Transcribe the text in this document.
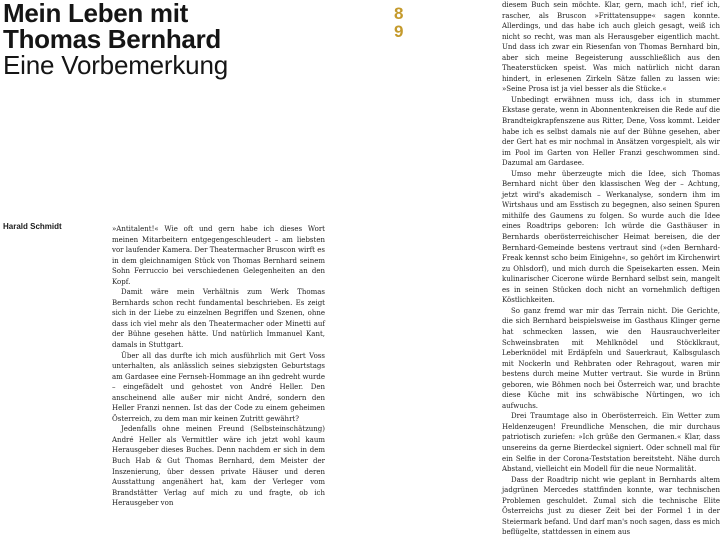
Mein Leben mit
Thomas Bernhard
Eine Vorbemerkung
8
9
Harald Schmidt	»Antitalent!« Wie oft und gern habe ich dieses Wort meinen Mitarbeitern entgegengeschleudert – am liebsten vor laufender Kamera. Der Theatermacher Bruscon wirft es in dem gleichnamigen Stück von Thomas Bernhard seinem Sohn Ferruccio bei verschiedenen Gelegenheiten an den Kopf.

Damit wäre mein Verhältnis zum Werk Thomas Bernhards schon recht fundamental beschrieben. Es zeigt sich in der Liebe zu einzelnen Begriffen und Szenen, ohne dass ich viel mehr als den Theatermacher oder Minetti auf der Bühne gesehen hätte. Und natürlich Immanuel Kant, damals in Stuttgart.

Über all das durfte ich mich ausführlich mit Gert Voss unterhalten, als anlässlich seines siebzigsten Geburtstags am Gardasee eine Fernseh-Hommage an ihn gedreht wurde – eingefädelt und gehostet von André Heller. Den anscheinend alle außer mir nicht André, sondern den Heller Franzi nennen. Ist das der Code zu einem geheimen Österreich, zu dem man mir keinen Zutritt gewährt?

Jedenfalls ohne meinen Freund (Selbsteinschätzung) André Heller als Vermittler wäre ich jetzt wohl kaum Herausgeber dieses Buches. Denn nachdem er sich in dem Buch Hab & Gut Thomas Bernhard, dem Meister der Inszenierung, über dessen private Häuser und deren Ausstattung angenähert hat, kam der Verleger vom Brandstätter Verlag auf mich zu und fragte, ob ich Herausgeber von

diesem Buch sein möchte. Klar, gern, mach ich!, rief ich, rascher, als Bruscon »Frittatensuppe« sagen konnte. Allerdings, und das habe ich auch gleich gesagt, weiß ich nicht so recht, was man als Herausgeber eigentlich macht. Und dass ich zwar ein Riesenfan von Thomas Bernhard bin, aber sich meine Begeisterung ausschließlich aus den Theaterstücken speist. Was mich natürlich nicht daran hindert, in erlesenen Zirkeln Sätze fallen zu lassen wie: »Seine Prosa ist ja viel besser als die Stücke.«

Unbedingt erwähnen muss ich, dass ich in stummer Ekstase gerate, wenn in Abonnentenkreisen die Rede auf die Brandteigkrapfenszene aus Ritter, Dene, Voss kommt. Leider habe ich es selbst damals nie auf der Bühne gesehen, aber der Gert hat es mir nochmal in Ansätzen vorgespielt, als wir im Pool im Garten von Heller Franzi geschwommen sind. Dazumal am Gardasee.

Umso mehr überzeugte mich die Idee, sich Thomas Bernhard nicht über den klassischen Weg der – Achtung, jetzt wird's akademisch – Werkanalyse, sondern ihm im Wirtshaus und am Esstisch zu begegnen, also seinen Spuren mithilfe des Gaumens zu folgen. So wurde auch die Idee eines Roadtrips geboren: Ich würde die Gasthäuser in Bernhards oberösterreichischer Heimat bereisen, die der Bernhard-Gemeinde bestens vertraut sind (»den Bernhard-Freak kennst scho beim Einigehn«, so gehört im Kirchenwirt zu Ohlsdorf), und mich durch die Speisekarten essen. Mein kulinarischer Cicerone würde Bernhard selbst sein, mangelt es in seinen Stücken doch nicht an vornehmlich deftigen Köstlichkeiten.

So ganz fremd war mir das Terrain nicht. Die Gerichte, die sich Bernhard beispielsweise im Gasthaus Klinger gerne hat schmecken lassen, wie den Hausrauchverleiter Schweinsbraten mit Mehlknödel und Stöcklkraut, Leberknödel mit Erdäpfeln und Sauerkraut, Kalbsgulasch mit Nockerln und Rehbraten oder Rehragout, waren mir bestens durch meine Mutter vertraut. Sie wurde in Brünn geboren, wie Böhmen noch bei Österreich war, und brachte diese Küche mit ins schwäbische Nürtingen, wo ich aufwuchs.

Drei Traumtage also in Oberösterreich. Ein Wetter zum Heldenzeugen! Freundliche Menschen, die mir durchaus patriotisch zuriefen: »Ich grüße den Germanen.« Klar, dass unsereins da gerne Bierdeckel signiert. Oder schnell mal für ein Selfie in der Corona-Teststation bereitsteht. Nähe durch Abstand, vielleicht ein Modell für die neue Normalität.

Dass der Roadtrip nicht wie geplant in Bernhards altem jadgrünen Mercedes stattfinden konnte, war technischen Problemen geschuldet. Zumal sich die technische Elite Österreichs just zu dieser Zeit bei der Formel 1 in der Steiermark befand. Und darf man's noch sagen, dass es mich beflügelte, stattdessen in einem aus
